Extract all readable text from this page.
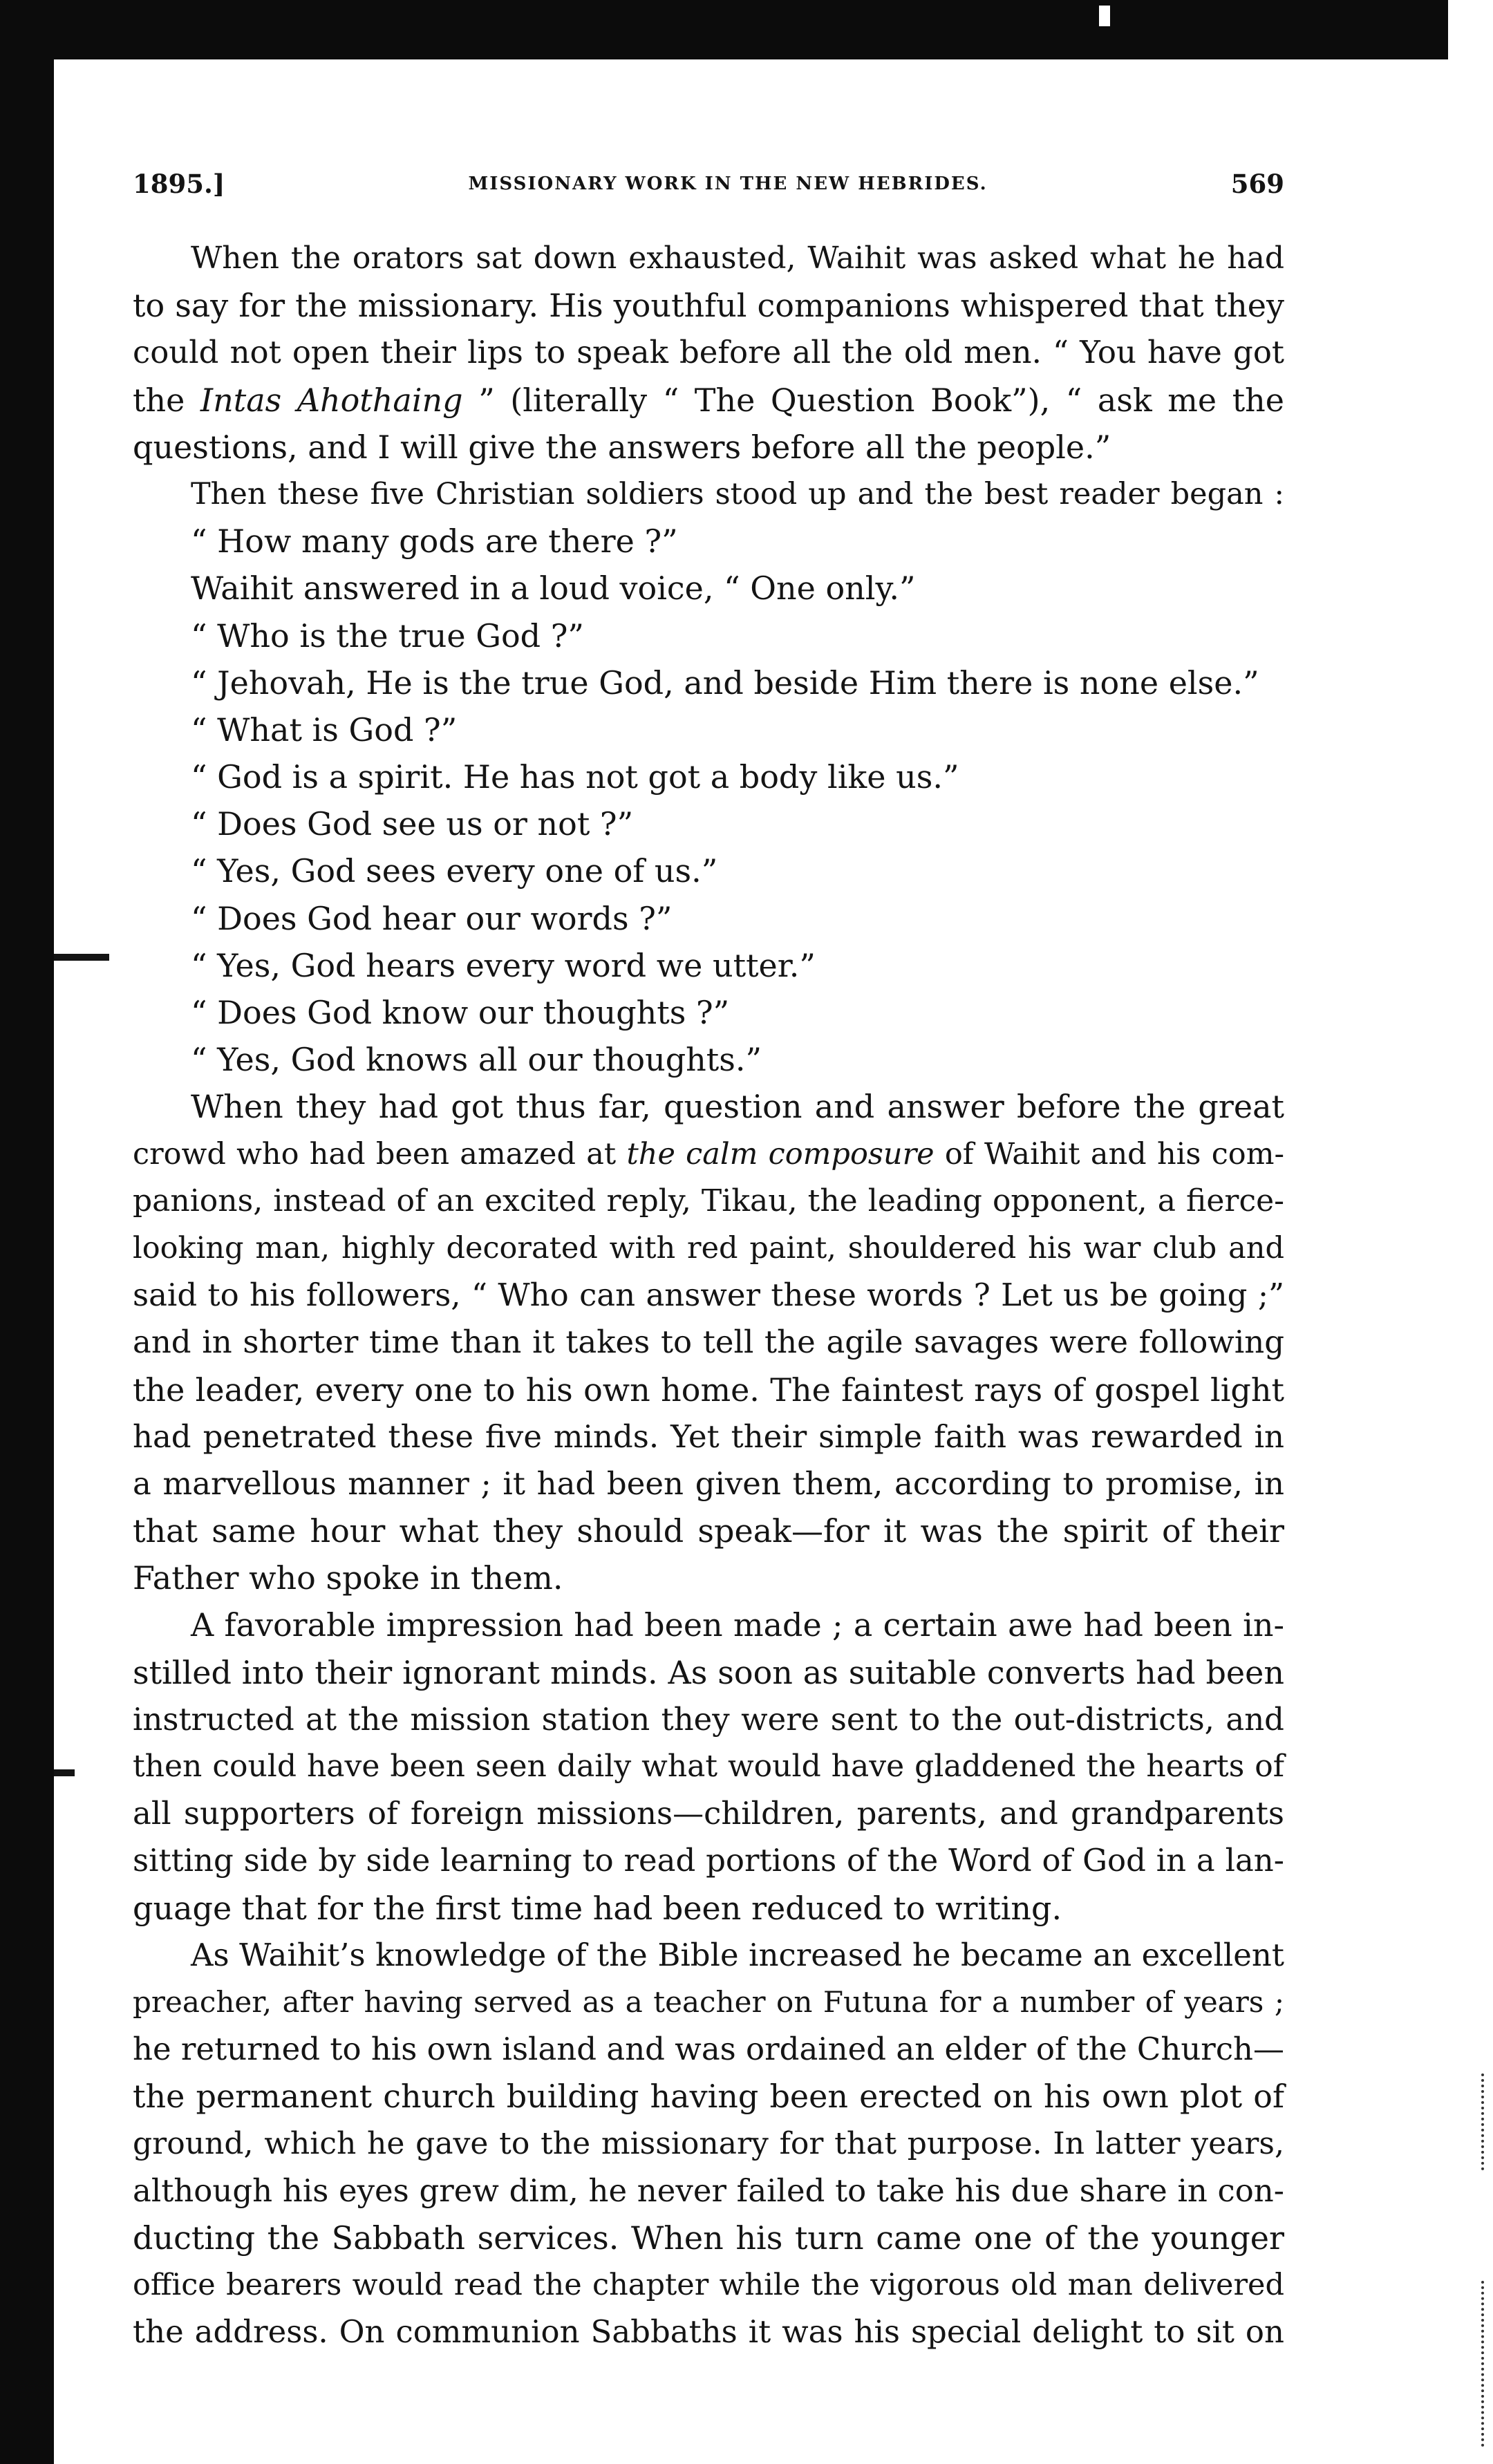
1895.]	MISSIONARY WORK IN THE NEW HEBRIDES.	569
When the orators sat down exhausted, Waihit was asked what he had
to say for the missionary. His youthful companions whispered that they
could not open their lips to speak before all the old men. “ You have got
the Intas Ahothaing ” (literally “ The Question Book”), “ ask me the
questions, and I will give the answers before all the people.”
Then these five Christian soldiers stood up and the best reader began :
“ How many gods are there ?”
Waihit answered in a loud voice, “ One only.”
“ Who is the true God ?”
“ Jehovah, He is the true God, and beside Him there is none else.”
“ What is God ?”
“ God is a spirit. He has not got a body like us.”
“ Does God see us or not ?”
“ Yes, God sees every one of us.”
“ Does God hear our words ?”
“ Yes, God hears every word we utter.”
“ Does God know our thoughts ?”
“ Yes, God knows all our thoughts.”
When they had got thus far, question and answer before the great
crowd who had been amazed at the calm composure of Waihit and his com-
panions, instead of an excited reply, Tikau, the leading opponent, a fierce-
looking man, highly decorated with red paint, shouldered his war club and
said to his followers, “ Who can answer these words ? Let us be going ;”
and in shorter time than it takes to tell the agile savages were following
the leader, every one to his own home. The faintest rays of gospel light
had penetrated these five minds. Yet their simple faith was rewarded in
a marvellous manner ; it had been given them, according to promise, in
that same hour what they should speak—for it was the spirit of their
Father who spoke in them.
A favorable impression had been made ; a certain awe had been in-
stilled into their ignorant minds. As soon as suitable converts had been
instructed at the mission station they were sent to the out-districts, and
then could have been seen daily what would have gladdened the hearts of
all supporters of foreign missions—children, parents, and grandparents
sitting side by side learning to read portions of the Word of God in a lan-
guage that for the first time had been reduced to writing.
As Waihit’s knowledge of the Bible increased he became an excellent
preacher, after having served as a teacher on Futuna for a number of years ;
he returned to his own island and was ordained an elder of the Church—
the permanent church building having been erected on his own plot of
ground, which he gave to the missionary for that purpose. In latter years,
although his eyes grew dim, he never failed to take his due share in con-
ducting the Sabbath services. When his turn came one of the younger
office bearers would read the chapter while the vigorous old man delivered
the address. On communion Sabbaths it was his special delight to sit on
